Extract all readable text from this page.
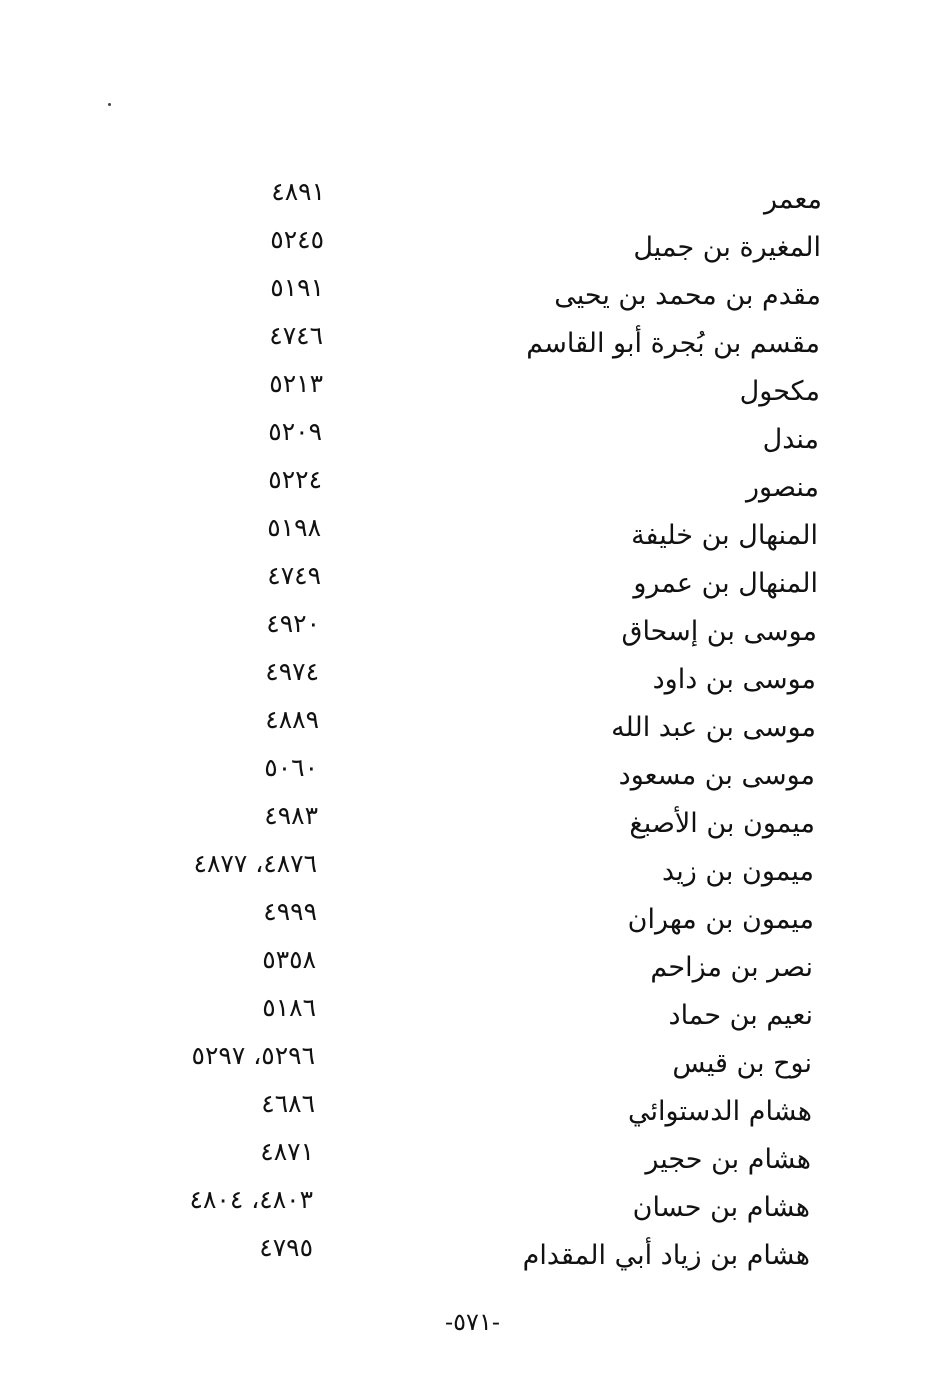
معمر
٤٨٩١
المغيرة بن جميل
٥٢٤٥
مقدم بن محمد بن يحيى
٥١٩١
مقسم بن بُجرة أبو القاسم
٤٧٤٦
مكحول
٥٢١٣
مندل
٥٢٠٩
منصور
٥٢٢٤
المنهال بن خليفة
٥١٩٨
المنهال بن عمرو
٤٧٤٩
موسى بن إسحاق
٤٩٢٠
موسى بن داود
٤٩٧٤
موسى بن عبد الله
٤٨٨٩
موسى بن مسعود
٥٠٦٠
ميمون بن الأصبغ
٤٩٨٣
ميمون بن زيد
٤٨٧٦، ٤٨٧٧
ميمون بن مهران
٤٩٩٩
نصر بن مزاحم
٥٣٥٨
نعيم بن حماد
٥١٨٦
نوح بن قيس
٥٢٩٦، ٥٢٩٧
هشام الدستوائي
٤٦٨٦
هشام بن حجير
٤٨٧١
هشام بن حسان
٤٨٠٣، ٤٨٠٤
هشام بن زياد أبي المقدام
٤٧٩٥
-٥٧١-
